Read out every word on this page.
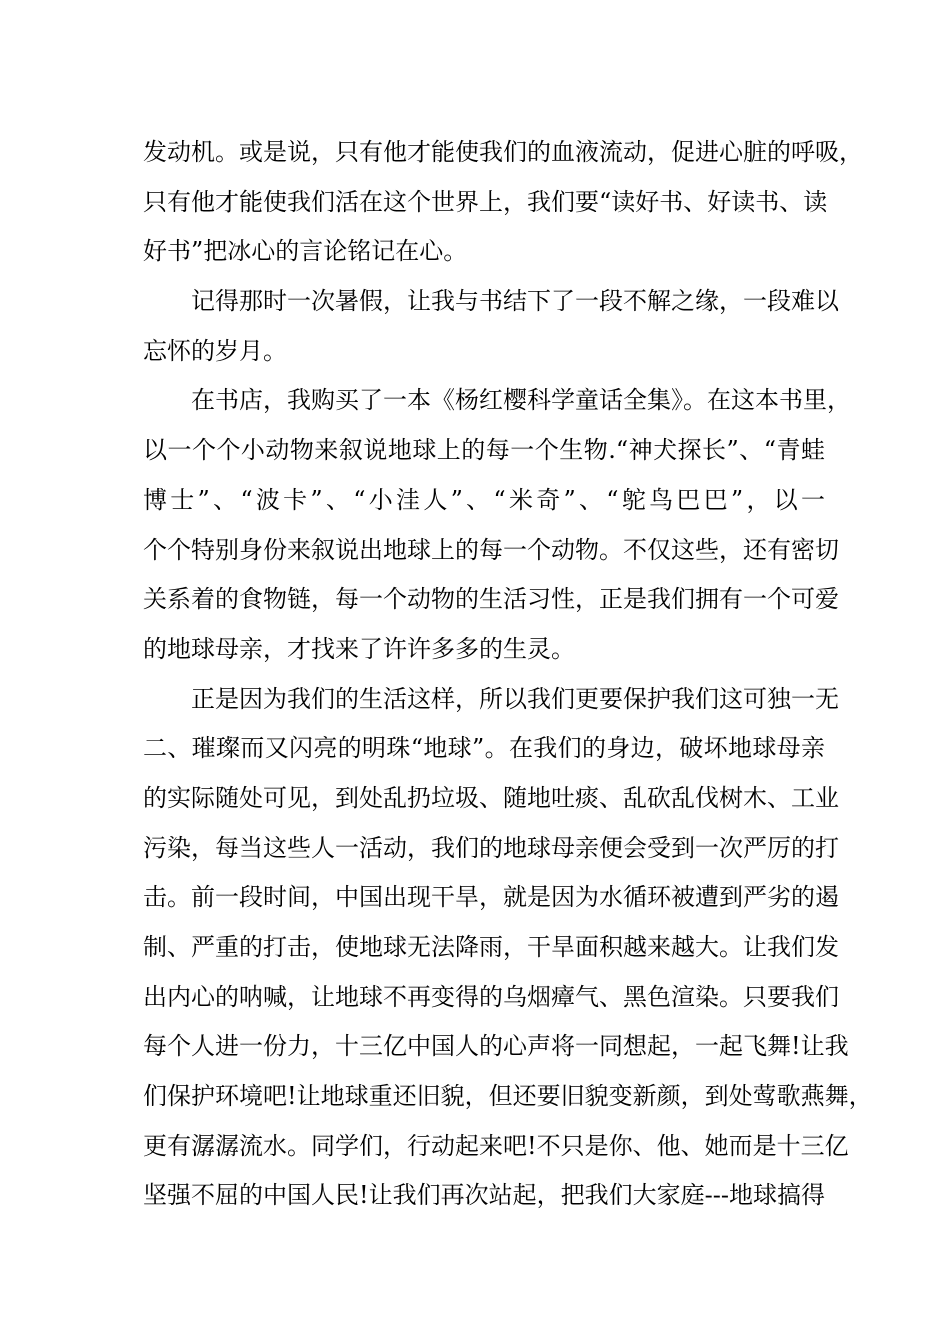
发动机。或是说，只有他才能使我们的血液流动，促进心脏的呼吸，
只有他才能使我们活在这个世界上，我们要“读好书、好读书、读
好书”把冰心的言论铭记在心。
记得那时一次暑假，让我与书结下了一段不解之缘，一段难以
忘怀的岁月。
在书店，我购买了一本《杨红樱科学童话全集》。在这本书里，
以一个个小动物来叙说地球上的每一个生物.“神犬探长”、“青蛙
博士”、“波卡”、“小洼人”、“米奇”、“鸵鸟巴巴”，以一
个个特别身份来叙说出地球上的每一个动物。不仅这些，还有密切
关系着的食物链，每一个动物的生活习性，正是我们拥有一个可爱
的地球母亲，才找来了许许多多的生灵。
正是因为我们的生活这样，所以我们更要保护我们这可独一无
二、璀璨而又闪亮的明珠“地球”。在我们的身边，破坏地球母亲
的实际随处可见，到处乱扔垃圾、随地吐痰、乱砍乱伐树木、工业
污染，每当这些人一活动，我们的地球母亲便会受到一次严厉的打
击。前一段时间，中国出现干旱，就是因为水循环被遭到严劣的遏
制、严重的打击，使地球无法降雨，干旱面积越来越大。让我们发
出内心的呐喊，让地球不再变得的乌烟瘴气、黑色渲染。只要我们
每个人进一份力，十三亿中国人的心声将一同想起，一起飞舞!让我
们保护环境吧!让地球重还旧貌，但还要旧貌变新颜，到处莺歌燕舞，
更有潺潺流水。同学们，行动起来吧!不只是你、他、她而是十三亿
坚强不屈的中国人民!让我们再次站起，把我们大家庭---地球搞得
